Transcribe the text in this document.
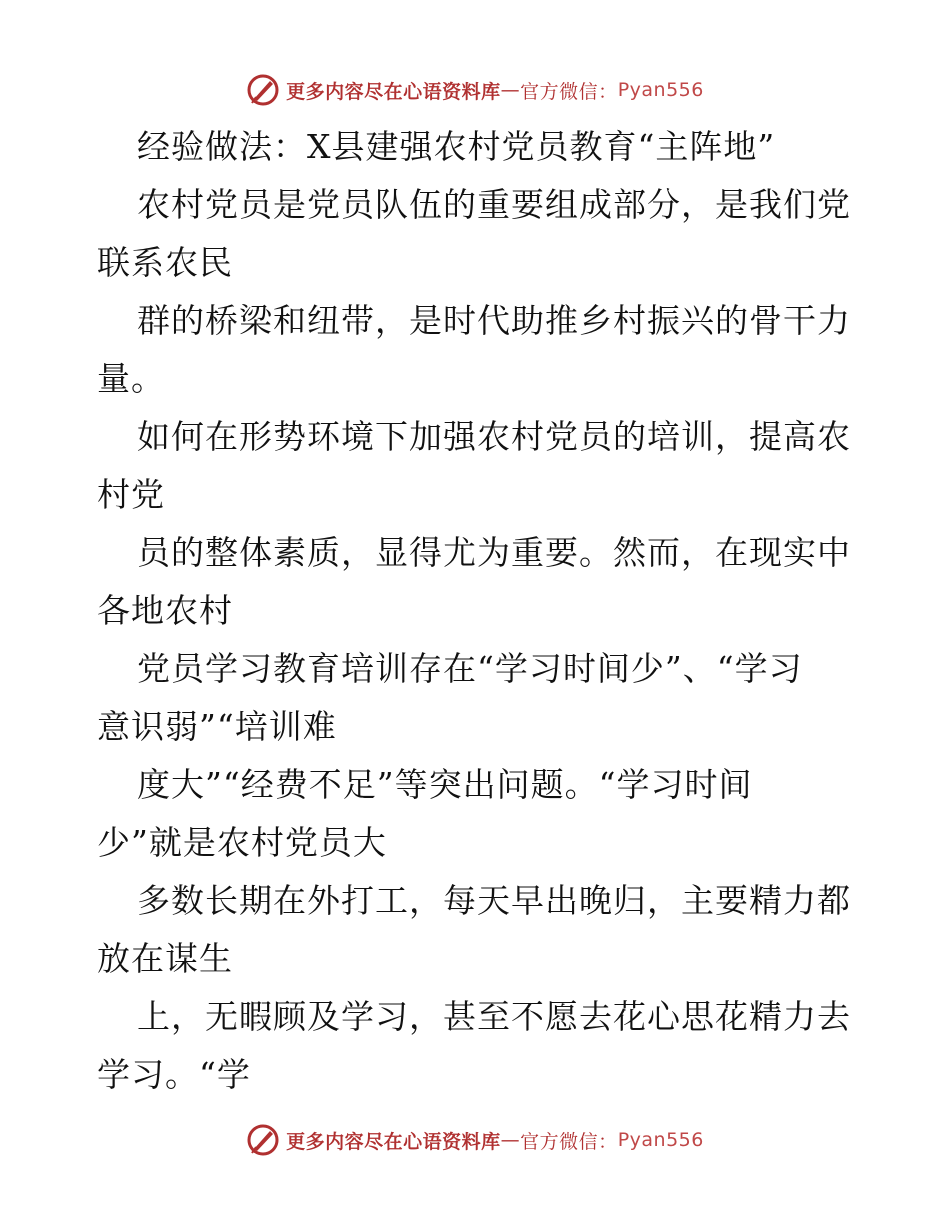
更多内容尽在心语资料库 — 官方微信： Pyan556
经验做法：X县建强农村党员教育“主阵地”
农村党员是党员队伍的重要组成部分，是我们党
联系农民
群的桥梁和纽带，是时代助推乡村振兴的骨干力
量。
如何在形势环境下加强农村党员的培训，提高农
村党
员的整体素质，显得尤为重要。然而，在现实中
各地农村
党员学习教育培训存在“学习时间少”、“学习
意识弱”“培训难
度大”“经费不足”等突出问题。“学习时间
少”就是农村党员大
多数长期在外打工，每天早出晚归，主要精力都
放在谋生
上，无暇顾及学习，甚至不愿去花心思花精力去
学习。“学
更多内容尽在心语资料库 — 官方微信： Pyan556
